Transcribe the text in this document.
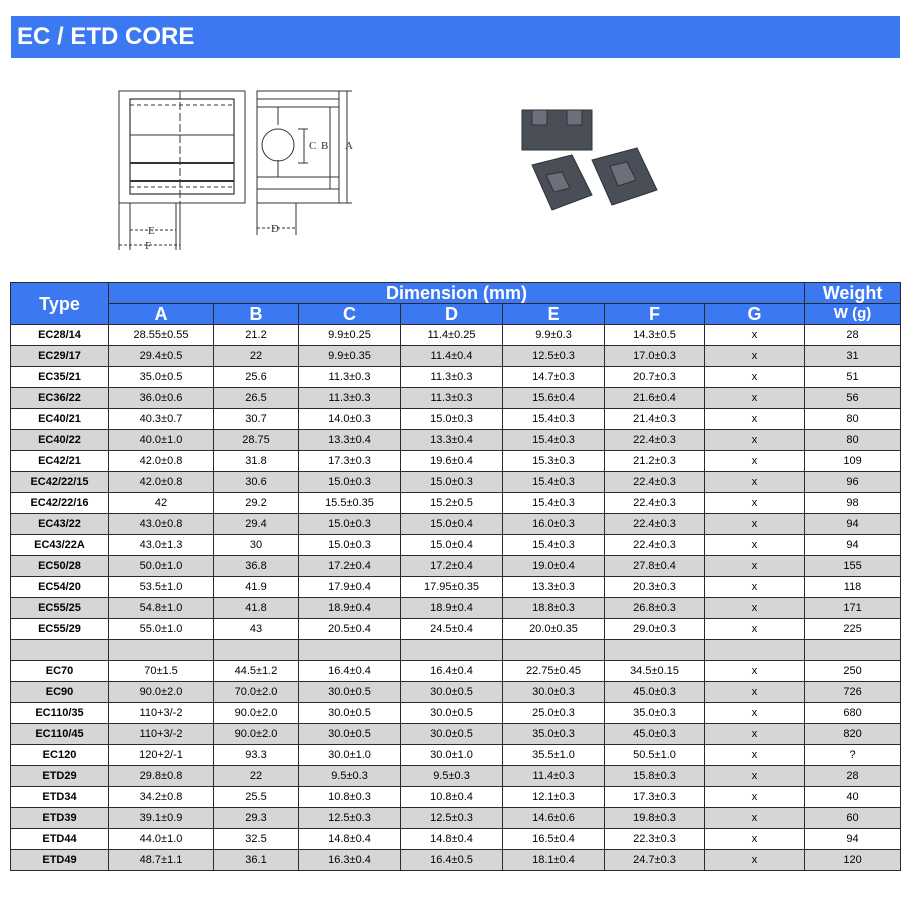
EC / ETD CORE
C B A
E
F
D
Type	Dimension (mm)							Weight
	A	B	C	D	E	F	G	W (g)
EC28/14	28.55±0.55	21.2	9.9±0.25	11.4±0.25	9.9±0.3	14.3±0.5	x	28
EC29/17	29.4±0.5	22	9.9±0.35	11.4±0.4	12.5±0.3	17.0±0.3	x	31
EC35/21	35.0±0.5	25.6	11.3±0.3	11.3±0.3	14.7±0.3	20.7±0.3	x	51
EC36/22	36.0±0.6	26.5	11.3±0.3	11.3±0.3	15.6±0.4	21.6±0.4	x	56
EC40/21	40.3±0.7	30.7	14.0±0.3	15.0±0.3	15.4±0.3	21.4±0.3	x	80
EC40/22	40.0±1.0	28.75	13.3±0.4	13.3±0.4	15.4±0.3	22.4±0.3	x	80
EC42/21	42.0±0.8	31.8	17.3±0.3	19.6±0.4	15.3±0.3	21.2±0.3	x	109
EC42/22/15	42.0±0.8	30.6	15.0±0.3	15.0±0.3	15.4±0.3	22.4±0.3	x	96
EC42/22/16	42	29.2	15.5±0.35	15.2±0.5	15.4±0.3	22.4±0.3	x	98
EC43/22	43.0±0.8	29.4	15.0±0.3	15.0±0.4	16.0±0.3	22.4±0.3	x	94
EC43/22A	43.0±1.3	30	15.0±0.3	15.0±0.4	15.4±0.3	22.4±0.3	x	94
EC50/28	50.0±1.0	36.8	17.2±0.4	17.2±0.4	19.0±0.4	27.8±0.4	x	155
EC54/20	53.5±1.0	41.9	17.9±0.4	17.95±0.35	13.3±0.3	20.3±0.3	x	118
EC55/25	54.8±1.0	41.8	18.9±0.4	18.9±0.4	18.8±0.3	26.8±0.3	x	171
EC55/29	55.0±1.0	43	20.5±0.4	24.5±0.4	20.0±0.35	29.0±0.3	x	225

EC70	70±1.5	44.5±1.2	16.4±0.4	16.4±0.4	22.75±0.45	34.5±0.15	x	250
EC90	90.0±2.0	70.0±2.0	30.0±0.5	30.0±0.5	30.0±0.3	45.0±0.3	x	726
EC110/35	110+3/-2	90.0±2.0	30.0±0.5	30.0±0.5	25.0±0.3	35.0±0.3	x	680
EC110/45	110+3/-2	90.0±2.0	30.0±0.5	30.0±0.5	35.0±0.3	45.0±0.3	x	820
EC120	120+2/-1	93.3	30.0±1.0	30.0±1.0	35.5±1.0	50.5±1.0	x	?
ETD29	29.8±0.8	22	9.5±0.3	9.5±0.3	11.4±0.3	15.8±0.3	x	28
ETD34	34.2±0.8	25.5	10.8±0.3	10.8±0.4	12.1±0.3	17.3±0.3	x	40
ETD39	39.1±0.9	29.3	12.5±0.3	12.5±0.3	14.6±0.6	19.8±0.3	x	60
ETD44	44.0±1.0	32.5	14.8±0.4	14.8±0.4	16.5±0.4	22.3±0.3	x	94
ETD49	48.7±1.1	36.1	16.3±0.4	16.4±0.5	18.1±0.4	24.7±0.3	x	120
